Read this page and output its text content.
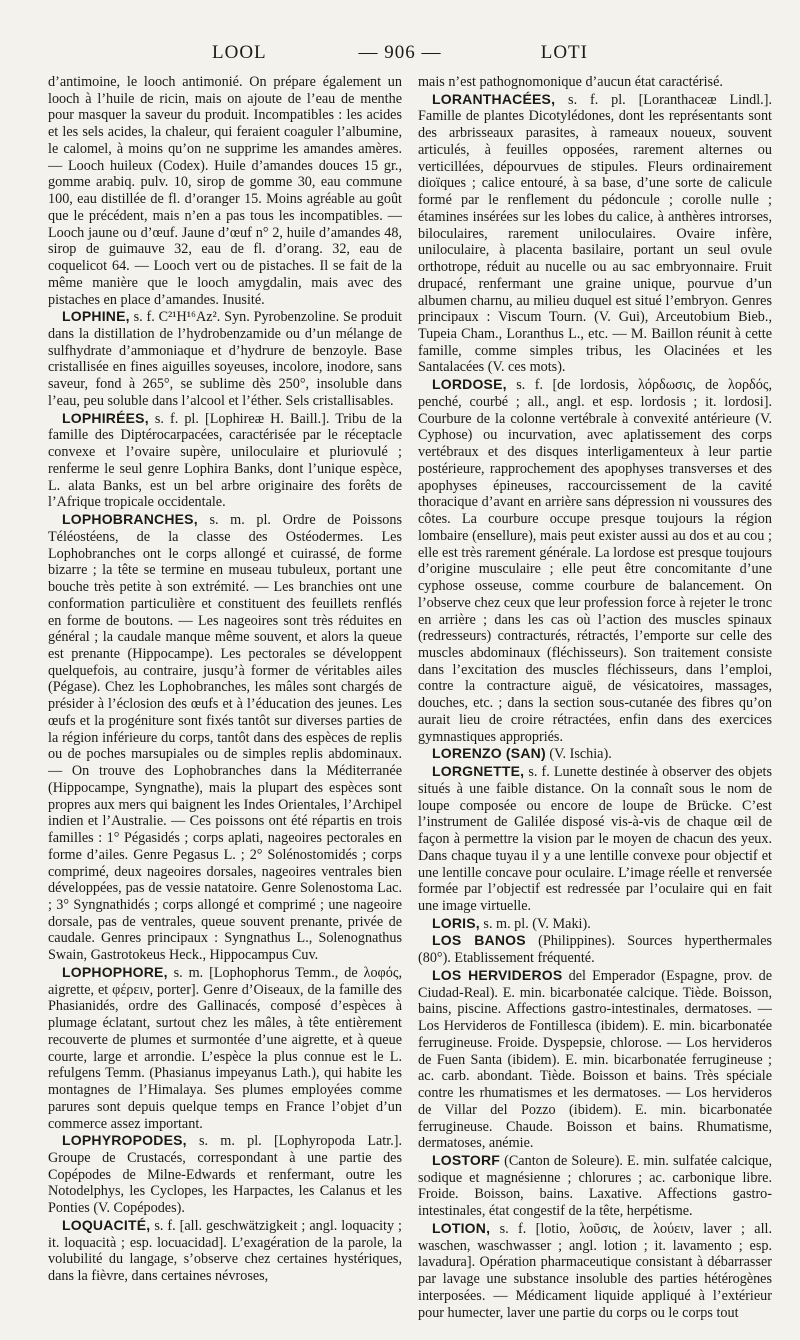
LOOL	— 906 —	LOTI

d’antimoine, le looch antimonié. On prépare également un looch à l’huile de ricin, mais on ajoute de l’eau de menthe pour masquer la saveur du produit. Incompatibles : les acides et les sels acides, la chaleur, qui feraient coaguler l’albumine, le calomel, à moins qu’on ne supprime les amandes amères. — Looch huileux (Codex). Huile d’amandes douces 15 gr., gomme arabiq. pulv. 10, sirop de gomme 30, eau commune 100, eau distillée de fl. d’oranger 15. Moins agréable au goût que le précédent, mais n’en a pas tous les incompatibles. — Looch jaune ou d’œuf. Jaune d’œuf n° 2, huile d’amandes 48, sirop de guimauve 32, eau de fl. d’orang. 32, eau de coquelicot 64. — Looch vert ou de pistaches. Il se fait de la même manière que le looch amygdalin, mais avec des pistaches en place d’amandes. Inusité.

LOPHINE, s. f. C²¹H¹⁶Az². Syn. Pyrobenzoline. Se produit dans la distillation de l’hydrobenzamide ou d’un mélange de sulfhydrate d’ammoniaque et d’hydrure de benzoyle. Base cristallisée en fines aiguilles soyeuses, incolore, inodore, sans saveur, fond à 265°, se sublime dès 250°, insoluble dans l’eau, peu soluble dans l’alcool et l’éther. Sels cristallisables.

LOPHIRÉES, s. f. pl. [Lophireæ H. Baill.]. Tribu de la famille des Diptérocarpacées, caractérisée par le réceptacle convexe et l’ovaire supère, uniloculaire et pluriovulé ; renferme le seul genre Lophira Banks, dont l’unique espèce, L. alata Banks, est un bel arbre originaire des forêts de l’Afrique tropicale occidentale.

LOPHOBRANCHES, s. m. pl. Ordre de Poissons Téléostéens, de la classe des Ostéodermes. Les Lophobranches ont le corps allongé et cuirassé, de forme bizarre ; la tête se termine en museau tubuleux, portant une bouche très petite à son extrémité. — Les branchies ont une conformation particulière et constituent des feuillets renflés en forme de boutons. — Les nageoires sont très réduites en général ; la caudale manque même souvent, et alors la queue est prenante (Hippocampe). Les pectorales se développent quelquefois, au contraire, jusqu’à former de véritables ailes (Pégase). Chez les Lophobranches, les mâles sont chargés de présider à l’éclosion des œufs et à l’éducation des jeunes. Les œufs et la progéniture sont fixés tantôt sur diverses parties de la région inférieure du corps, tantôt dans des espèces de replis ou de poches marsupiales ou de simples replis abdominaux. — On trouve des Lophobranches dans la Méditerranée (Hippocampe, Syngnathe), mais la plupart des espèces sont propres aux mers qui baignent les Indes Orientales, l’Archipel indien et l’Australie. — Ces poissons ont été répartis en trois familles : 1° Pégasidés ; corps aplati, nageoires pectorales en forme d’ailes. Genre Pegasus L. ; 2° Solénostomidés ; corps comprimé, deux nageoires dorsales, nageoires ventrales bien développées, pas de vessie natatoire. Genre Solenostoma Lac. ; 3° Syngnathidés ; corps allongé et comprimé ; une nageoire dorsale, pas de ventrales, queue souvent prenante, privée de caudale. Genres principaux : Syngnathus L., Solenognathus Swain, Gastrotokeus Heck., Hippocampus Cuv.

LOPHOPHORE, s. m. [Lophophorus Temm., de λοφός, aigrette, et φέρειν, porter]. Genre d’Oiseaux, de la famille des Phasianidés, ordre des Gallinacés, composé d’espèces à plumage éclatant, surtout chez les mâles, à tête entièrement recouverte de plumes et surmontée d’une aigrette, et à queue courte, large et arrondie. L’espèce la plus connue est le L. refulgens Temm. (Phasianus impeyanus Lath.), qui habite les montagnes de l’Himalaya. Ses plumes employées comme parures sont depuis quelque temps en France l’objet d’un commerce assez important.

LOPHYROPODES, s. m. pl. [Lophyropoda Latr.]. Groupe de Crustacés, correspondant à une partie des Copépodes de Milne-Edwards et renfermant, outre les Notodelphys, les Cyclopes, les Harpactes, les Calanus et les Ponties (V. Copépodes).

LOQUACITÉ, s. f. [all. geschwätzigkeit ; angl. loquacity ; it. loquacità ; esp. locuacidad]. L’exagération de la parole, la volubilité du langage, s’observe chez certaines hystériques, dans la fièvre, dans certaines névroses,

mais n’est pathognomonique d’aucun état caractérisé.

LORANTHACÉES, s. f. pl. [Loranthaceæ Lindl.]. Famille de plantes Dicotylédones, dont les représentants sont des arbrisseaux parasites, à rameaux noueux, souvent articulés, à feuilles opposées, rarement alternes ou verticillées, dépourvues de stipules. Fleurs ordinairement dioïques ; calice entouré, à sa base, d’une sorte de calicule formé par le renflement du pédoncule ; corolle nulle ; étamines insérées sur les lobes du calice, à anthères introrses, biloculaires, rarement uniloculaires. Ovaire infère, uniloculaire, à placenta basilaire, portant un seul ovule orthotrope, réduit au nucelle ou au sac embryonnaire. Fruit drupacé, renfermant une graine unique, pourvue d’un albumen charnu, au milieu duquel est situé l’embryon. Genres principaux : Viscum Tourn. (V. Gui), Arceutobium Bieb., Tupeia Cham., Loranthus L., etc. — M. Baillon réunit à cette famille, comme simples tribus, les Olacinées et les Santalacées (V. ces mots).

LORDOSE, s. f. [de lordosis, λόρδωσις, de λορδός, penché, courbé ; all., angl. et esp. lordosis ; it. lordosi]. Courbure de la colonne vertébrale à convexité antérieure (V. Cyphose) ou incurvation, avec aplatissement des corps vertébraux et des disques interligamenteux à leur partie postérieure, rapprochement des apophyses transverses et des apophyses épineuses, raccourcissement de la cavité thoracique d’avant en arrière sans dépression ni voussures des côtes. La courbure occupe presque toujours la région lombaire (ensellure), mais peut exister aussi au dos et au cou ; elle est très rarement générale. La lordose est presque toujours d’origine musculaire ; elle peut être concomitante d’une cyphose osseuse, comme courbure de balancement. On l’observe chez ceux que leur profession force à rejeter le tronc en arrière ; dans les cas où l’action des muscles spinaux (redresseurs) contracturés, rétractés, l’emporte sur celle des muscles abdominaux (fléchisseurs). Son traitement consiste dans l’excitation des muscles fléchisseurs, dans l’emploi, contre la contracture aiguë, de vésicatoires, massages, douches, etc. ; dans la section sous-cutanée des fibres qu’on aurait lieu de croire rétractées, enfin dans des exercices gymnastiques appropriés.

LORENZO (SAN) (V. Ischia).

LORGNETTE, s. f. Lunette destinée à observer des objets situés à une faible distance. On la connaît sous le nom de loupe composée ou encore de loupe de Brücke. C’est l’instrument de Galilée disposé vis-à-vis de chaque œil de façon à permettre la vision par le moyen de chacun des yeux. Dans chaque tuyau il y a une lentille convexe pour objectif et une lentille concave pour oculaire. L’image réelle et renversée formée par l’objectif est redressée par l’oculaire qui en fait une image virtuelle.

LORIS, s. m. pl. (V. Maki).

LOS BANOS (Philippines). Sources hyperthermales (80°). Etablissement fréquenté.

LOS HERVIDEROS del Emperador (Espagne, prov. de Ciudad-Real). E. min. bicarbonatée calcique. Tiède. Boisson, bains, piscine. Affections gastro-intestinales, dermatoses. — Los Hervideros de Fontillesca (ibidem). E. min. bicarbonatée ferrugineuse. Froide. Dyspepsie, chlorose. — Los hervideros de Fuen Santa (ibidem). E. min. bicarbonatée ferrugineuse ; ac. carb. abondant. Tiède. Boisson et bains. Très spéciale contre les rhumatismes et les dermatoses. — Los hervideros de Villar del Pozzo (ibidem). E. min. bicarbonatée ferrugineuse. Chaude. Boisson et bains. Rhumatisme, dermatoses, anémie.

LOSTORF (Canton de Soleure). E. min. sulfatée calcique, sodique et magnésienne ; chlorures ; ac. carbonique libre. Froide. Boisson, bains. Laxative. Affections gastro-intestinales, état congestif de la tête, herpétisme.

LOTION, s. f. [lotio, λοῦσις, de λούειν, laver ; all. waschen, waschwasser ; angl. lotion ; it. lavamento ; esp. lavadura]. Opération pharmaceutique consistant à débarrasser par lavage une substance insoluble des parties hétérogènes interposées. — Médicament liquide appliqué à l’extérieur pour humecter, laver une partie du corps ou le corps tout
